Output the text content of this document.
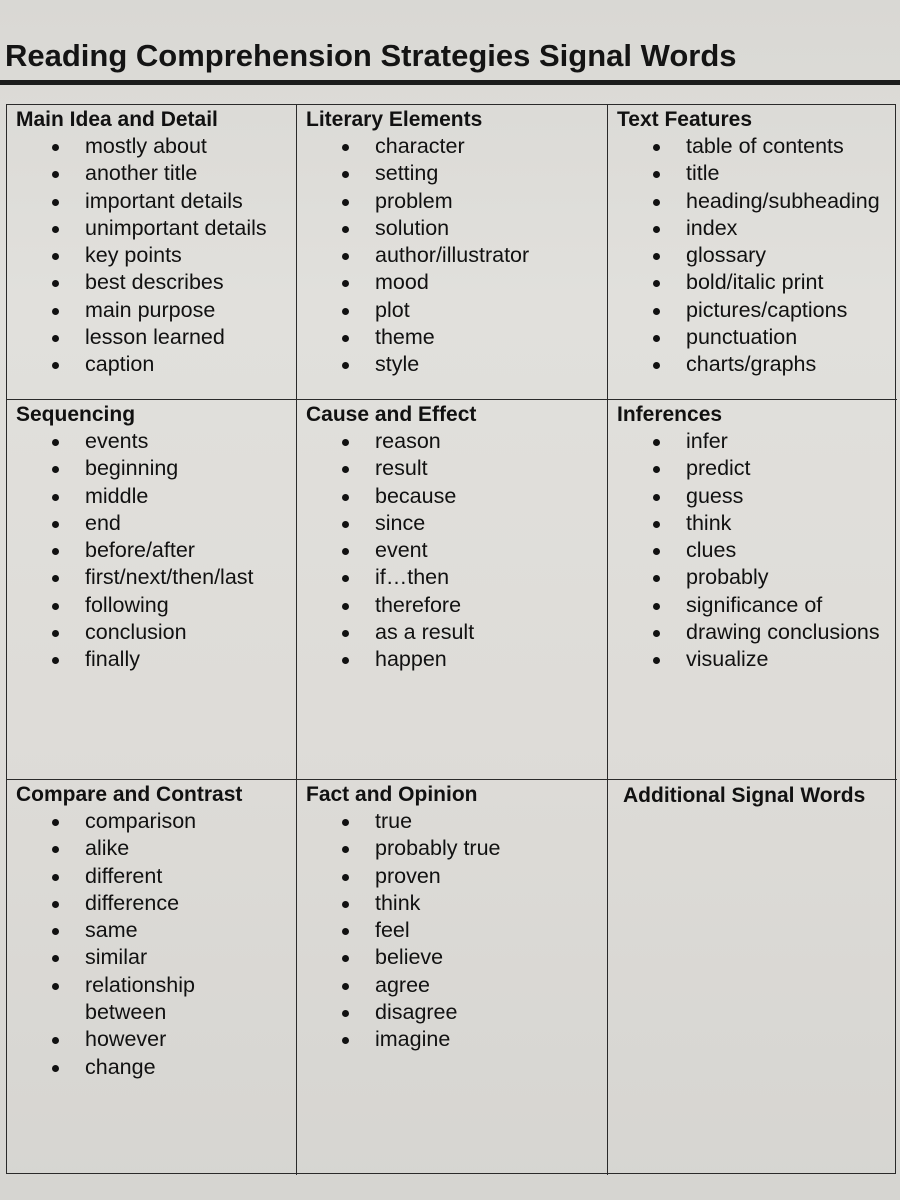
Reading Comprehension Strategies Signal Words
Main Idea and Detail
mostly about
another title
important details
unimportant details
key points
best describes
main purpose
lesson learned
caption
Literary Elements
character
setting
problem
solution
author/illustrator
mood
plot
theme
style
Text Features
table of contents
title
heading/subheading
index
glossary
bold/italic print
pictures/captions
punctuation
charts/graphs
Sequencing
events
beginning
middle
end
before/after
first/next/then/last
following
conclusion
finally
Cause and Effect
reason
result
because
since
event
if…then
therefore
as a result
happen
Inferences
infer
predict
guess
think
clues
probably
significance of
drawing conclusions
visualize
Compare and Contrast
comparison
alike
different
difference
same
similar
relationship between
however
change
Fact and Opinion
true
probably true
proven
think
feel
believe
agree
disagree
imagine
Additional Signal Words
